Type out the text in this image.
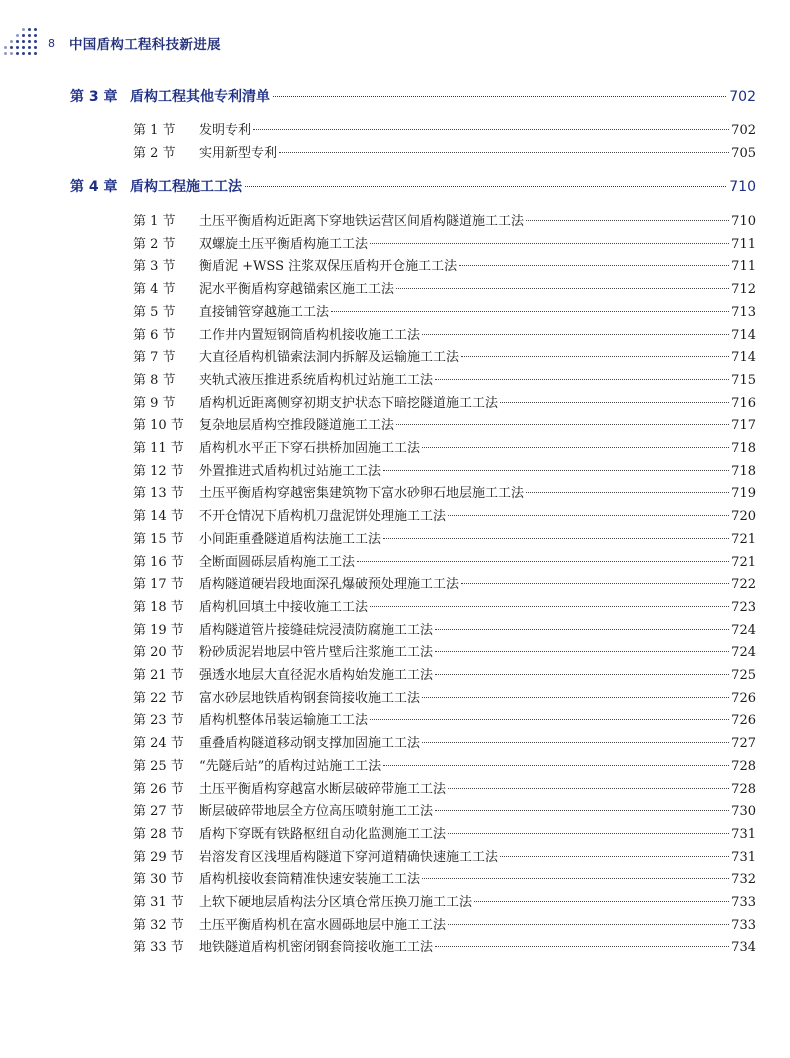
8 中国盾构工程科技新进展
第 3 章 盾构工程其他专利清单	702
第 1 节	发明专利	702
第 2 节	实用新型专利	705
第 4 章 盾构工程施工工法	710
第 1 节	土压平衡盾构近距离下穿地铁运营区间盾构隧道施工工法	710
第 2 节	双螺旋土压平衡盾构施工工法	711
第 3 节	衡盾泥 +WSS 注浆双保压盾构开仓施工工法	711
第 4 节	泥水平衡盾构穿越锚索区施工工法	712
第 5 节	直接铺管穿越施工工法	713
第 6 节	工作井内置短钢筒盾构机接收施工工法	714
第 7 节	大直径盾构机锚索法洞内拆解及运输施工工法	714
第 8 节	夹轨式液压推进系统盾构机过站施工工法	715
第 9 节	盾构机近距离侧穿初期支护状态下暗挖隧道施工工法	716
第 10 节	复杂地层盾构空推段隧道施工工法	717
第 11 节	盾构机水平正下穿石拱桥加固施工工法	718
第 12 节	外置推进式盾构机过站施工工法	718
第 13 节	土压平衡盾构穿越密集建筑物下富水砂卵石地层施工工法	719
第 14 节	不开仓情况下盾构机刀盘泥饼处理施工工法	720
第 15 节	小间距重叠隧道盾构法施工工法	721
第 16 节	全断面圆砾层盾构施工工法	721
第 17 节	盾构隧道硬岩段地面深孔爆破预处理施工工法	722
第 18 节	盾构机回填土中接收施工工法	723
第 19 节	盾构隧道管片接缝硅烷浸渍防腐施工工法	724
第 20 节	粉砂质泥岩地层中管片壁后注浆施工工法	724
第 21 节	强透水地层大直径泥水盾构始发施工工法	725
第 22 节	富水砂层地铁盾构钢套筒接收施工工法	726
第 23 节	盾构机整体吊装运输施工工法	726
第 24 节	重叠盾构隧道移动钢支撑加固施工工法	727
第 25 节	“先隧后站”的盾构过站施工工法	728
第 26 节	土压平衡盾构穿越富水断层破碎带施工工法	728
第 27 节	断层破碎带地层全方位高压喷射施工工法	730
第 28 节	盾构下穿既有铁路枢纽自动化监测施工工法	731
第 29 节	岩溶发育区浅埋盾构隧道下穿河道精确快速施工工法	731
第 30 节	盾构机接收套筒精准快速安装施工工法	732
第 31 节	上软下硬地层盾构法分区填仓常压换刀施工工法	733
第 32 节	土压平衡盾构机在富水圆砾地层中施工工法	733
第 33 节	地铁隧道盾构机密闭钢套筒接收施工工法	734
